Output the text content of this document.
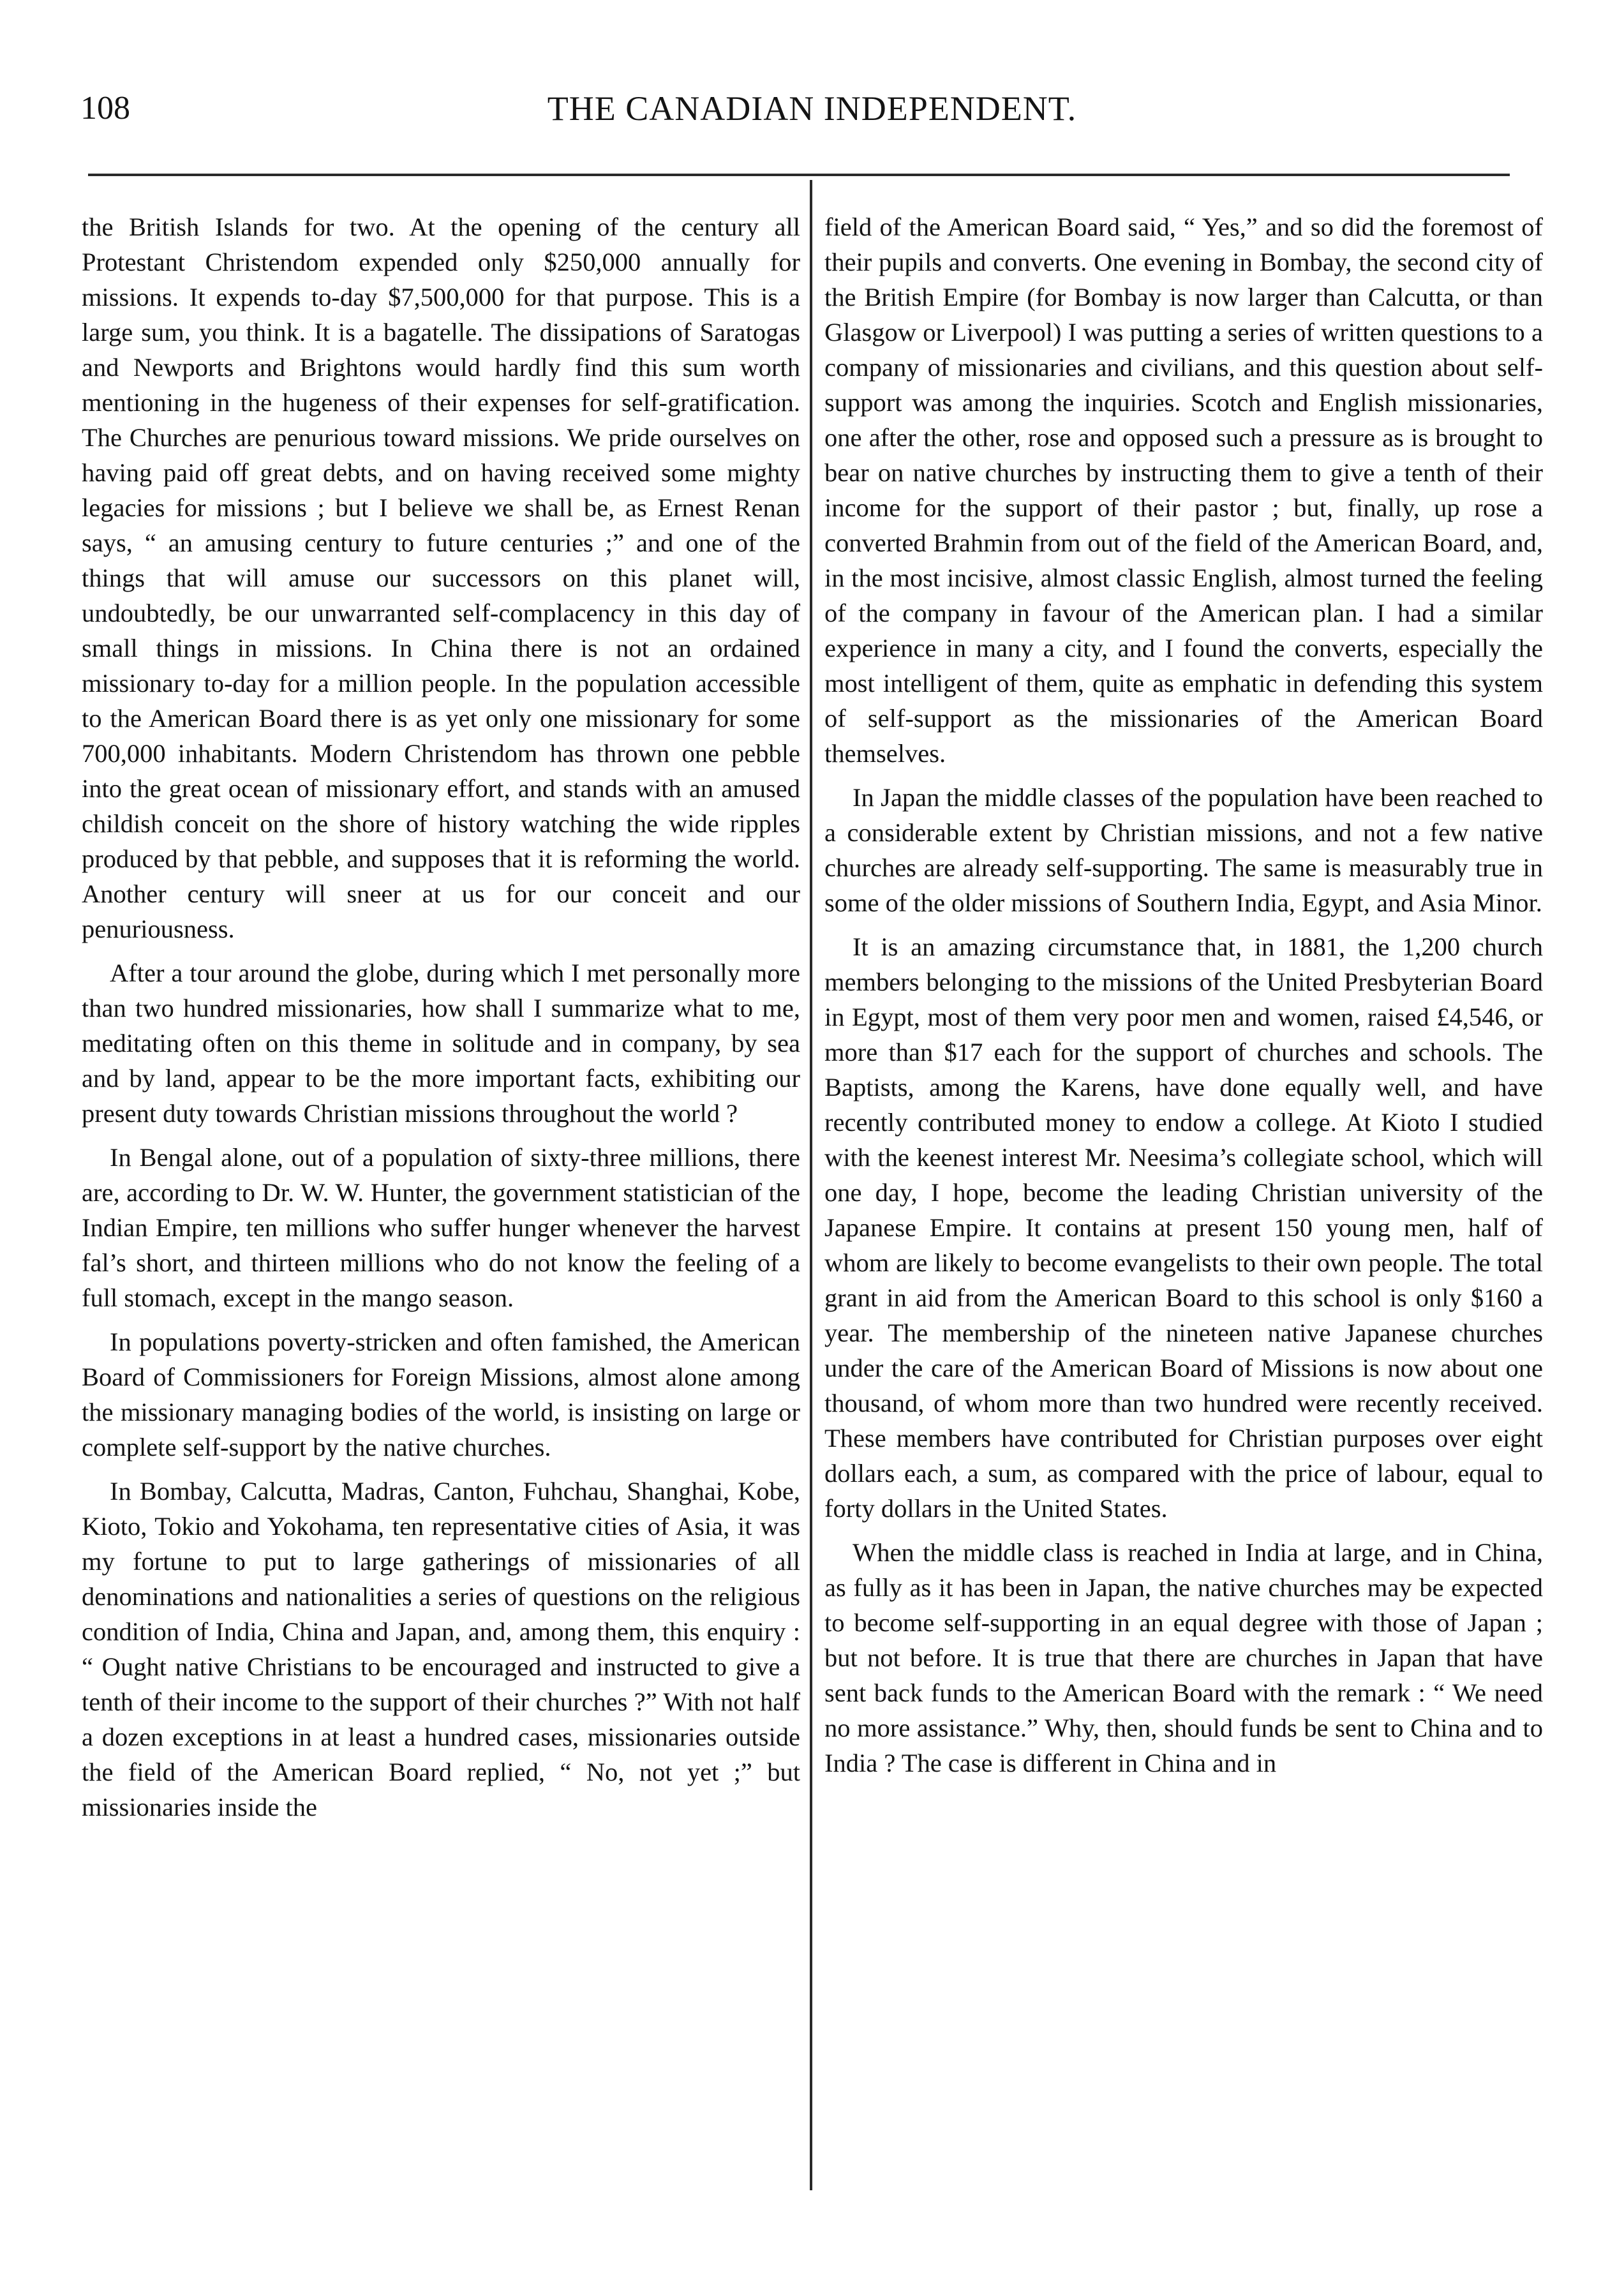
108	THE CANADIAN INDEPENDENT.

the British Islands for two. At the opening of the century all Protestant Christendom expended only $250,000 annually for missions. It expends to-day $7,500,000 for that purpose. This is a large sum, you think. It is a bagatelle. The dissipations of Saratogas and Newports and Brightons would hardly find this sum worth mentioning in the hugeness of their expenses for self-gratification. The Churches are penurious toward missions. We pride ourselves on having paid off great debts, and on having received some mighty legacies for missions ; but I believe we shall be, as Ernest Renan says, “ an amusing century to future centuries ;” and one of the things that will amuse our successors on this planet will, undoubtedly, be our unwarranted self-complacency in this day of small things in missions. In China there is not an ordained missionary to-day for a million people. In the population accessible to the American Board there is as yet only one missionary for some 700,000 inhabitants. Modern Christendom has thrown one pebble into the great ocean of missionary effort, and stands with an amused childish conceit on the shore of history watching the wide ripples produced by that pebble, and supposes that it is reforming the world. Another century will sneer at us for our conceit and our penuriousness.

After a tour around the globe, during which I met personally more than two hundred missionaries, how shall I summarize what to me, meditating often on this theme in solitude and in company, by sea and by land, appear to be the more important facts, exhibiting our present duty towards Christian missions throughout the world ?

In Bengal alone, out of a population of sixty-three millions, there are, according to Dr. W. W. Hunter, the government statistician of the Indian Empire, ten millions who suffer hunger whenever the harvest fal’s short, and thirteen millions who do not know the feeling of a full stomach, except in the mango season.

In populations poverty-stricken and often famished, the American Board of Commissioners for Foreign Missions, almost alone among the missionary managing bodies of the world, is insisting on large or complete self-support by the native churches.

In Bombay, Calcutta, Madras, Canton, Fuhchau, Shanghai, Kobe, Kioto, Tokio and Yokohama, ten representative cities of Asia, it was my fortune to put to large gatherings of missionaries of all denominations and nationalities a series of questions on the religious condition of India, China and Japan, and, among them, this enquiry : “ Ought native Christians to be encouraged and instructed to give a tenth of their income to the support of their churches ?” With not half a dozen exceptions in at least a hundred cases, missionaries outside the field of the American Board replied, “ No, not yet ;” but missionaries inside the

field of the American Board said, “ Yes,” and so did the foremost of their pupils and converts. One evening in Bombay, the second city of the British Empire (for Bombay is now larger than Calcutta, or than Glasgow or Liverpool) I was putting a series of written questions to a company of missionaries and civilians, and this question about self-support was among the inquiries. Scotch and English missionaries, one after the other, rose and opposed such a pressure as is brought to bear on native churches by instructing them to give a tenth of their income for the support of their pastor ; but, finally, up rose a converted Brahmin from out of the field of the American Board, and, in the most incisive, almost classic English, almost turned the feeling of the company in favour of the American plan. I had a similar experience in many a city, and I found the converts, especially the most intelligent of them, quite as emphatic in defending this system of self-support as the missionaries of the American Board themselves.

In Japan the middle classes of the population have been reached to a considerable extent by Christian missions, and not a few native churches are already self-supporting. The same is measurably true in some of the older missions of Southern India, Egypt, and Asia Minor.

It is an amazing circumstance that, in 1881, the 1,200 church members belonging to the missions of the United Presbyterian Board in Egypt, most of them very poor men and women, raised £4,546, or more than $17 each for the support of churches and schools. The Baptists, among the Karens, have done equally well, and have recently contributed money to endow a college. At Kioto I studied with the keenest interest Mr. Neesima’s collegiate school, which will one day, I hope, become the leading Christian university of the Japanese Empire. It contains at present 150 young men, half of whom are likely to become evangelists to their own people. The total grant in aid from the American Board to this school is only $160 a year. The membership of the nineteen native Japanese churches under the care of the American Board of Missions is now about one thousand, of whom more than two hundred were recently received. These members have contributed for Christian purposes over eight dollars each, a sum, as compared with the price of labour, equal to forty dollars in the United States.

When the middle class is reached in India at large, and in China, as fully as it has been in Japan, the native churches may be expected to become self-supporting in an equal degree with those of Japan ; but not before. It is true that there are churches in Japan that have sent back funds to the American Board with the remark : “ We need no more assistance.” Why, then, should funds be sent to China and to India ? The case is different in China and in
